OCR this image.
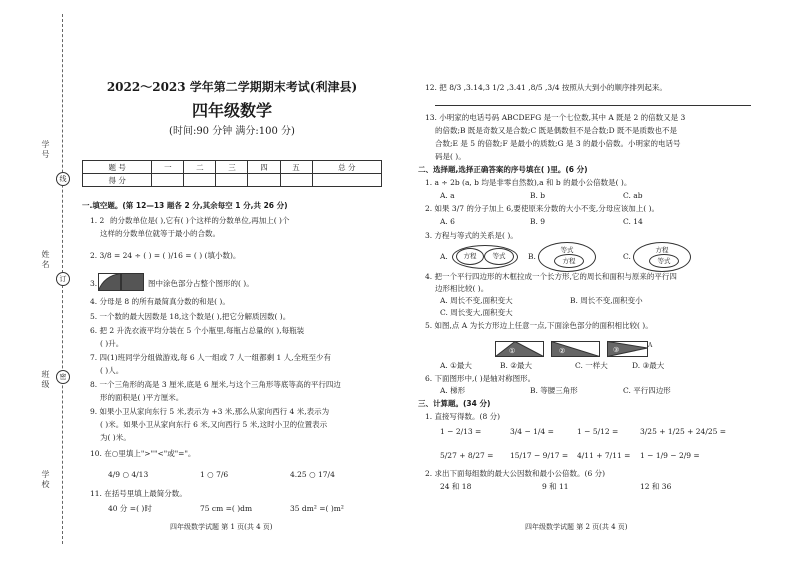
学号
姓名
班级
学校
线
订
密
2022～2023 学年第二学期期末考试(利津县)
四年级数学
(时间:90 分钟 满分:100 分)
题 号	一	二	三	四	五	总 分
得 分						
一.填空题。(第 12—13 题各 2 分,其余每空 1 分,共 26 分)
1. 2 的分数单位是( ),它有( )个这样的分数单位,再加上( )个
这样的分数单位就等于最小的合数。
2. 3/8 = 24 ÷ ( ) = ( )/16 = ( ) (填小数)。
3.	图中涂色部分占整个图形的( )。
4. 分母是 8 的所有最简真分数的和是( )。
5. 一个数的最大因数是 18,这个数是( ),把它分解质因数( )。
6. 把 2 升洗衣液平均分装在 5 个小瓶里,每瓶占总量的( ),每瓶装
( )升。
7. 四(1)班同学分组做游戏,每 6 人一组或 7 人一组都剩 1 人,全班至少有
( )人。
8. 一个三角形的高是 3 厘米,底是 6 厘米,与这个三角形等底等高的平行四边
形的面积是( )平方厘米。
9. 如果小卫从家向东行 5 米,表示为 +3 米,那么从家向西行 4 米,表示为
( )米。如果小卫从家向东行 6 米,又向西行 5 米,这时小卫的位置表示
为( )米。
10. 在○里填上">""<"或"="。
4/9 ○ 4/13	1 ○ 7/6	4.25 ○ 17/4
11. 在括号里填上最简分数。
40 分 =( )时	75 cm =( )dm	35 dm² =( )m²
四年级数学试题 第 1 页(共 4 页)
12. 把 8/3 ,3.14,3 1/2 ,3.41 ,8/5 ,3/4 按照从大到小的顺序排列起来。
13. 小明家的电话号码 ABCDEFG 是一个七位数,其中 A 既是 2 的倍数又是 3
的倍数;B 既是奇数又是合数;C 既是偶数但不是合数;D 既不是质数也不是
合数;E 是 5 的倍数;F 是最小的质数;G 是 3 的最小倍数。小明家的电话号
码是( )。
二、选择题,选择正确答案的序号填在( )里。(6 分)
1. a ÷ 2b (a, b 均是非零自然数),a 和 b 的最小公倍数是( )。
A. a	B. b	C. ab
2. 如果 3/7 的分子加上 6,要使原来分数的大小不变,分母应该加上( )。
A. 6	B. 9	C. 14
3. 方程与等式的关系是( )。
A.	方程	等式	B.
等式
方程	C.
方程
等式
4. 把一个平行四边形的木框拉成一个长方形,它的周长和面积与原来的平行四
边形相比较( )。
A. 周长不变,面积变大	B. 周长不变,面积变小
C. 周长变大,面积变大
5. 如图,点 A 为长方形边上任意一点,下面涂色部分的面积相比较( )。
①	②	③
A
A. ①最大	B. ②最大	C. 一样大	D. ③最大
6. 下面图形中,( )是轴对称图形。
A. 梯形	B. 等腰三角形	C. 平行四边形
三、计算题。(34 分)
1. 直接写得数。(8 分)
1 − 2/13 =	3/4 − 1/4 =	1 − 5/12 =	3/25 + 1/25 + 24/25 =
5/27 + 8/27 = 15/17 − 9/17 = 4/11 + 7/11 = 1 − 1/9 − 2/9 =
2. 求出下面每组数的最大公因数和最小公倍数。(6 分)
24 和 18	9 和 11	12 和 36
四年级数学试题 第 2 页(共 4 页)
